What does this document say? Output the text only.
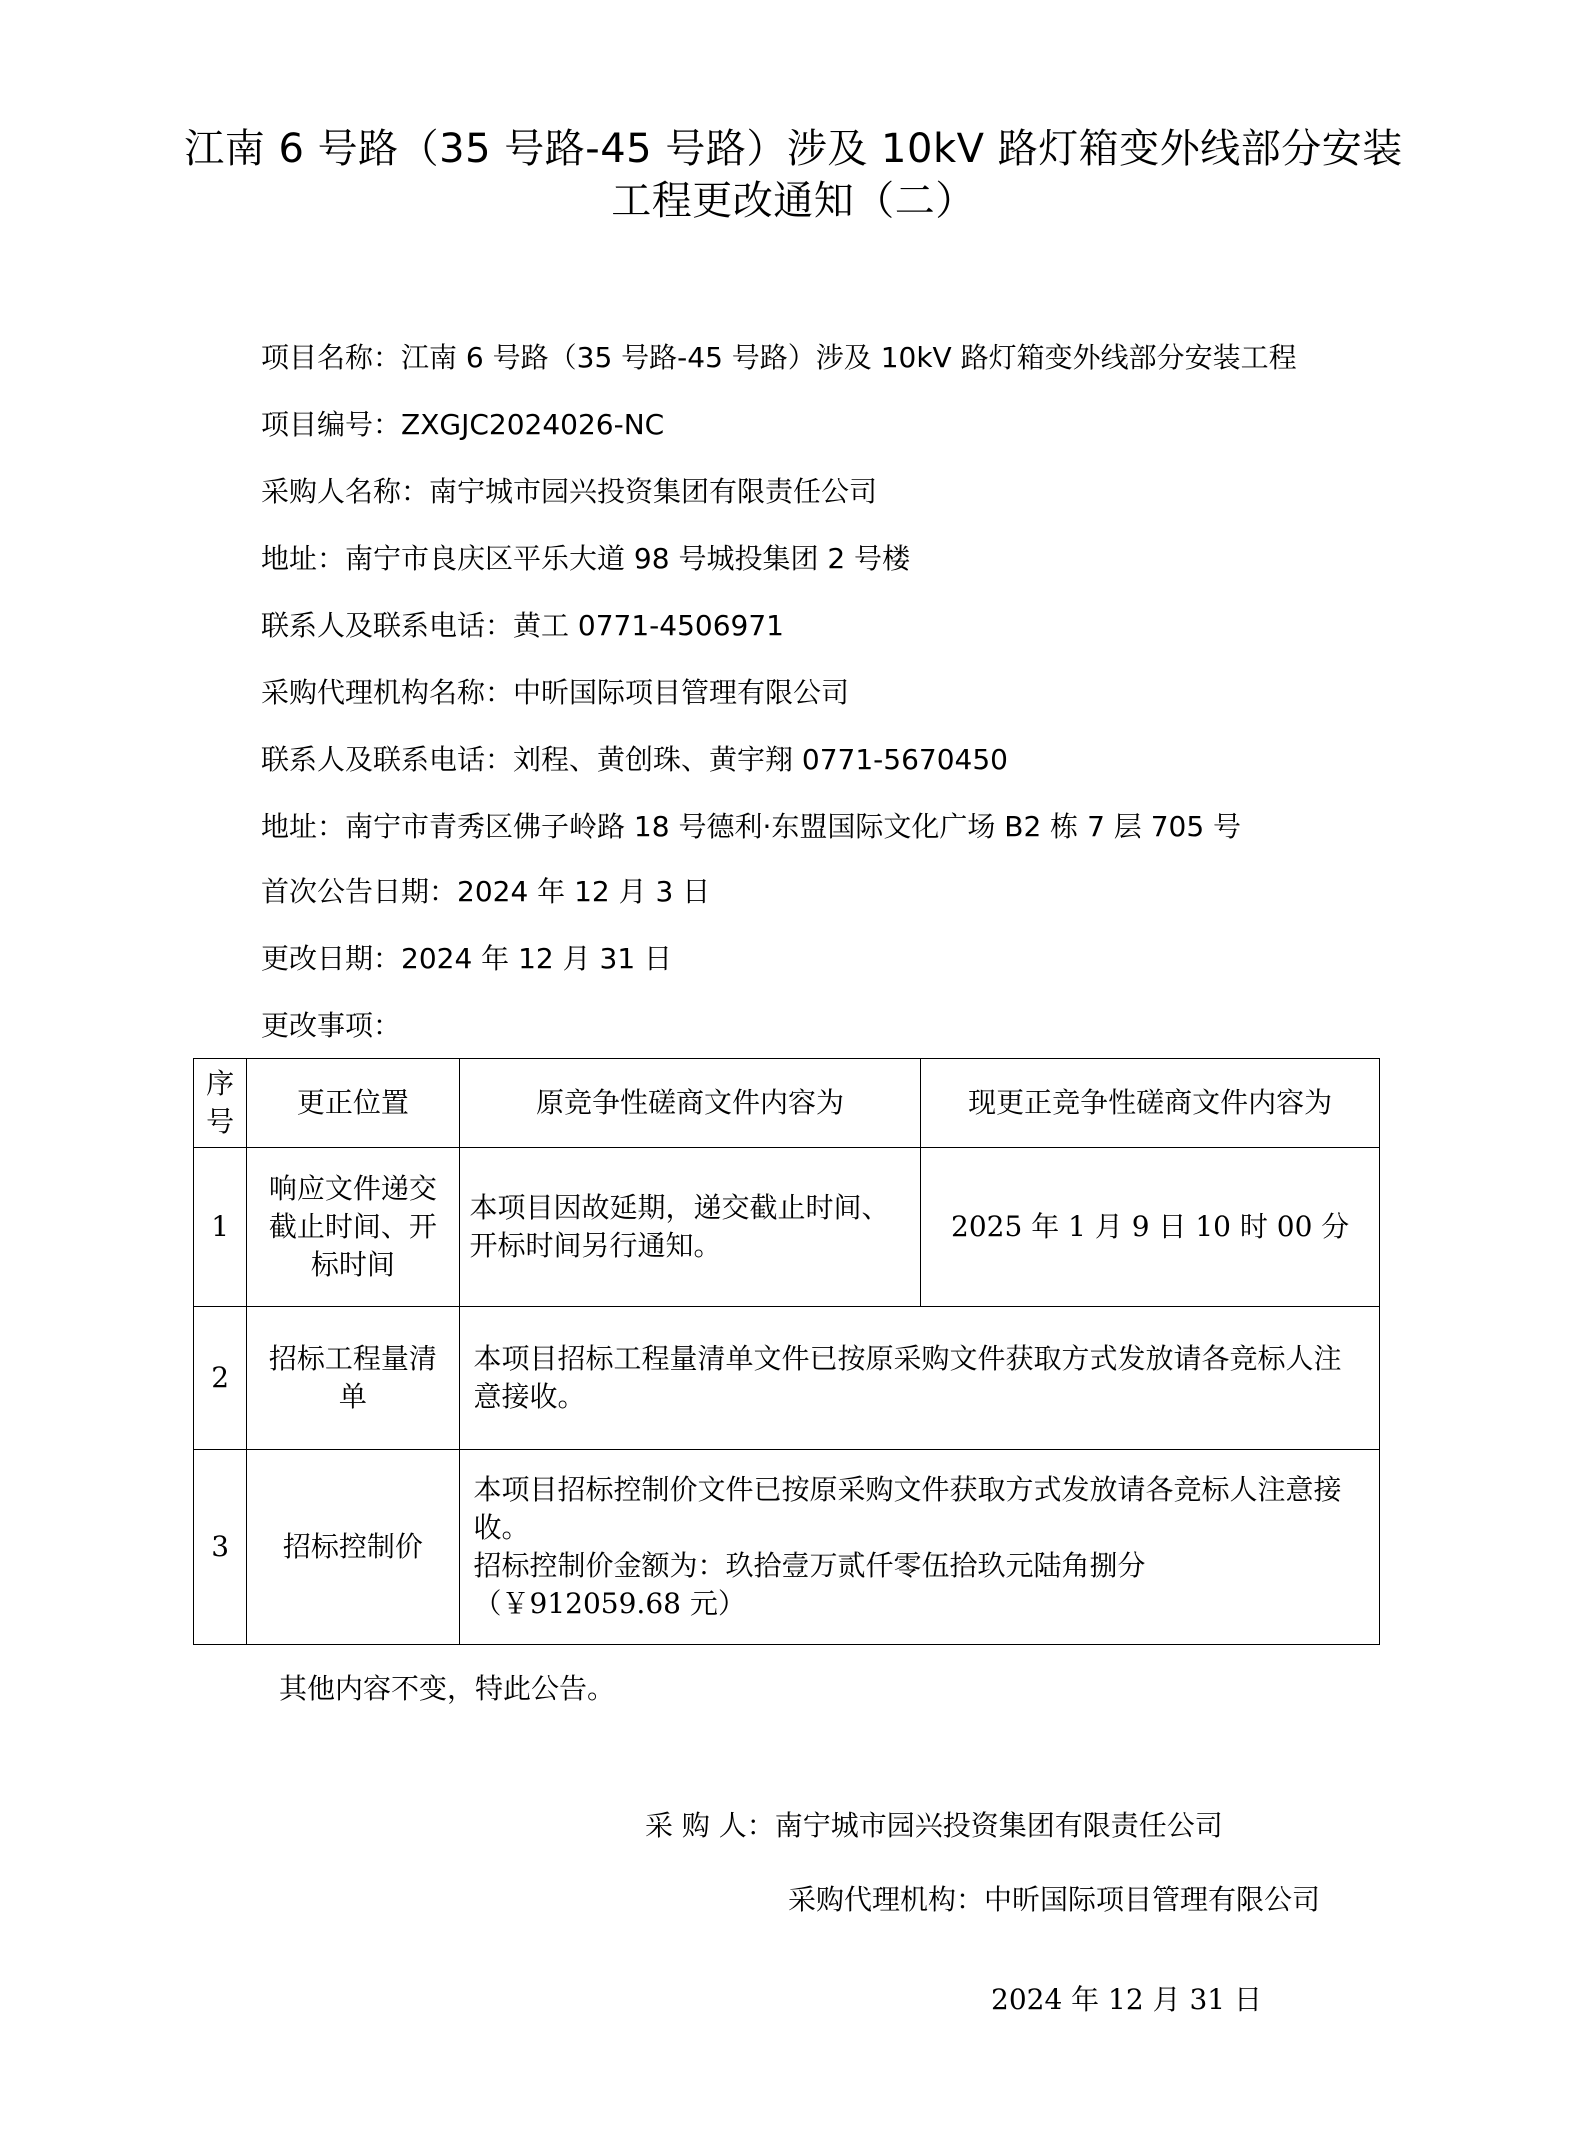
江南 6 号路（35 号路-45 号路）涉及 10kV 路灯箱变外线部分安装
工程更改通知（二）
项目名称：江南 6 号路（35 号路-45 号路）涉及 10kV 路灯箱变外线部分安装工程
项目编号：ZXGJC2024026-NC
采购人名称：南宁城市园兴投资集团有限责任公司
地址：南宁市良庆区平乐大道 98 号城投集团 2 号楼
联系人及联系电话：黄工 0771-4506971
采购代理机构名称：中昕国际项目管理有限公司
联系人及联系电话：刘程、黄创珠、黄宇翔 0771-5670450
地址：南宁市青秀区佛子岭路 18 号德利·东盟国际文化广场 B2 栋 7 层 705 号
首次公告日期：2024 年 12 月 3 日
更改日期：2024 年 12 月 31 日
更改事项：
序号	更正位置	原竞争性磋商文件内容为	现更正竞争性磋商文件内容为
1	响应文件递交截止时间、开标时间	本项目因故延期，递交截止时间、开标时间另行通知。	2025 年 1 月 9 日 10 时 00 分
2	招标工程量清单	本项目招标工程量清单文件已按原采购文件获取方式发放请各竞标人注意接收。	
3	招标控制价	本项目招标控制价文件已按原采购文件获取方式发放请各竞标人注意接收。
招标控制价金额为：玖拾壹万贰仟零伍拾玖元陆角捌分
（￥912059.68 元）	
其他内容不变，特此公告。
采 购 人：南宁城市园兴投资集团有限责任公司
采购代理机构：中昕国际项目管理有限公司
2024 年 12 月 31 日
